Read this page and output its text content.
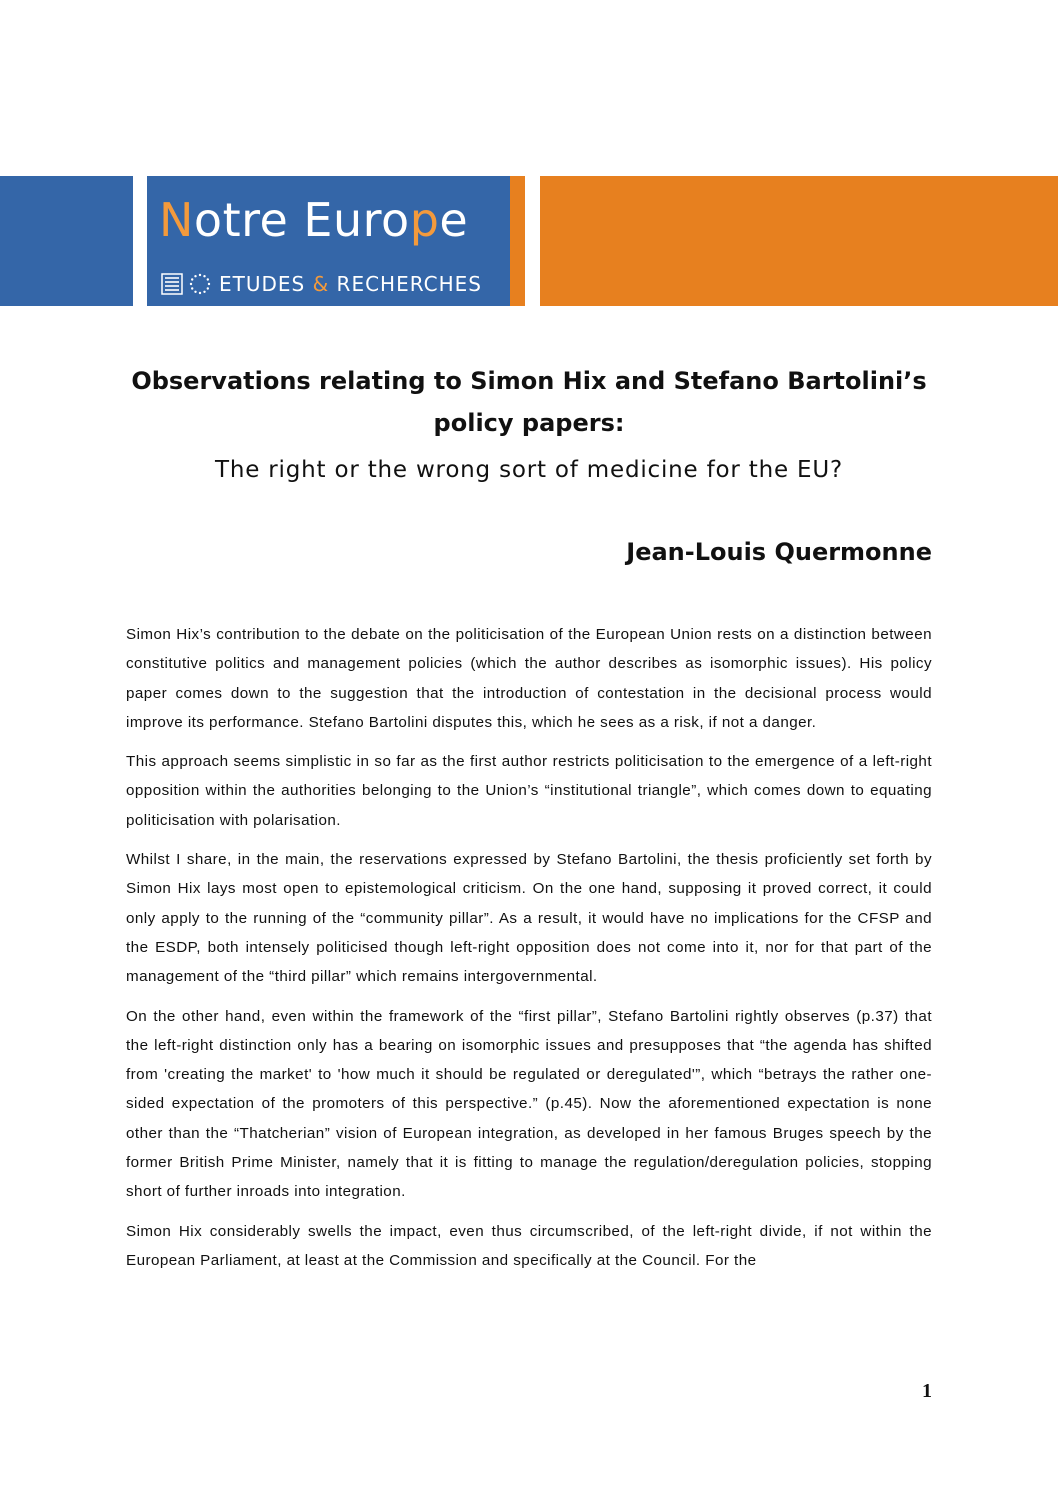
Notre Europe
ETUDES & RECHERCHES
Observations relating to Simon Hix and Stefano Bartolini’s
policy papers:
The right or the wrong sort of medicine for the EU?
Jean-Louis Quermonne

Simon Hix’s contribution to the debate on the politicisation of the European Union rests on a distinction between constitutive politics and management policies (which the author describes as isomorphic issues). His policy paper comes down to the suggestion that the introduction of contestation in the decisional process would improve its performance. Stefano Bartolini disputes this, which he sees as a risk, if not a danger.

This approach seems simplistic in so far as the first author restricts politicisation to the emergence of a left-right opposition within the authorities belonging to the Union’s “institutional triangle”, which comes down to equating politicisation with polarisation.

Whilst I share, in the main, the reservations expressed by Stefano Bartolini, the thesis proficiently set forth by Simon Hix lays most open to epistemological criticism. On the one hand, supposing it proved correct, it could only apply to the running of the “community pillar”. As a result, it would have no implications for the CFSP and the ESDP, both intensely politicised though left-right opposition does not come into it, nor for that part of the management of the “third pillar” which remains intergovernmental.

On the other hand, even within the framework of the “first pillar”, Stefano Bartolini rightly observes (p.37) that the left-right distinction only has a bearing on isomorphic issues and presupposes that “the agenda has shifted from 'creating the market' to 'how much it should be regulated or deregulated'”, which “betrays the rather one-sided expectation of the promoters of this perspective.” (p.45). Now the aforementioned expectation is none other than the “Thatcherian” vision of European integration, as developed in her famous Bruges speech by the former British Prime Minister, namely that it is fitting to manage the regulation/deregulation policies, stopping short of further inroads into integration.

Simon Hix considerably swells the impact, even thus circumscribed, of the left-right divide, if not within the European Parliament, at least at the Commission and specifically at the Council. For the

1
